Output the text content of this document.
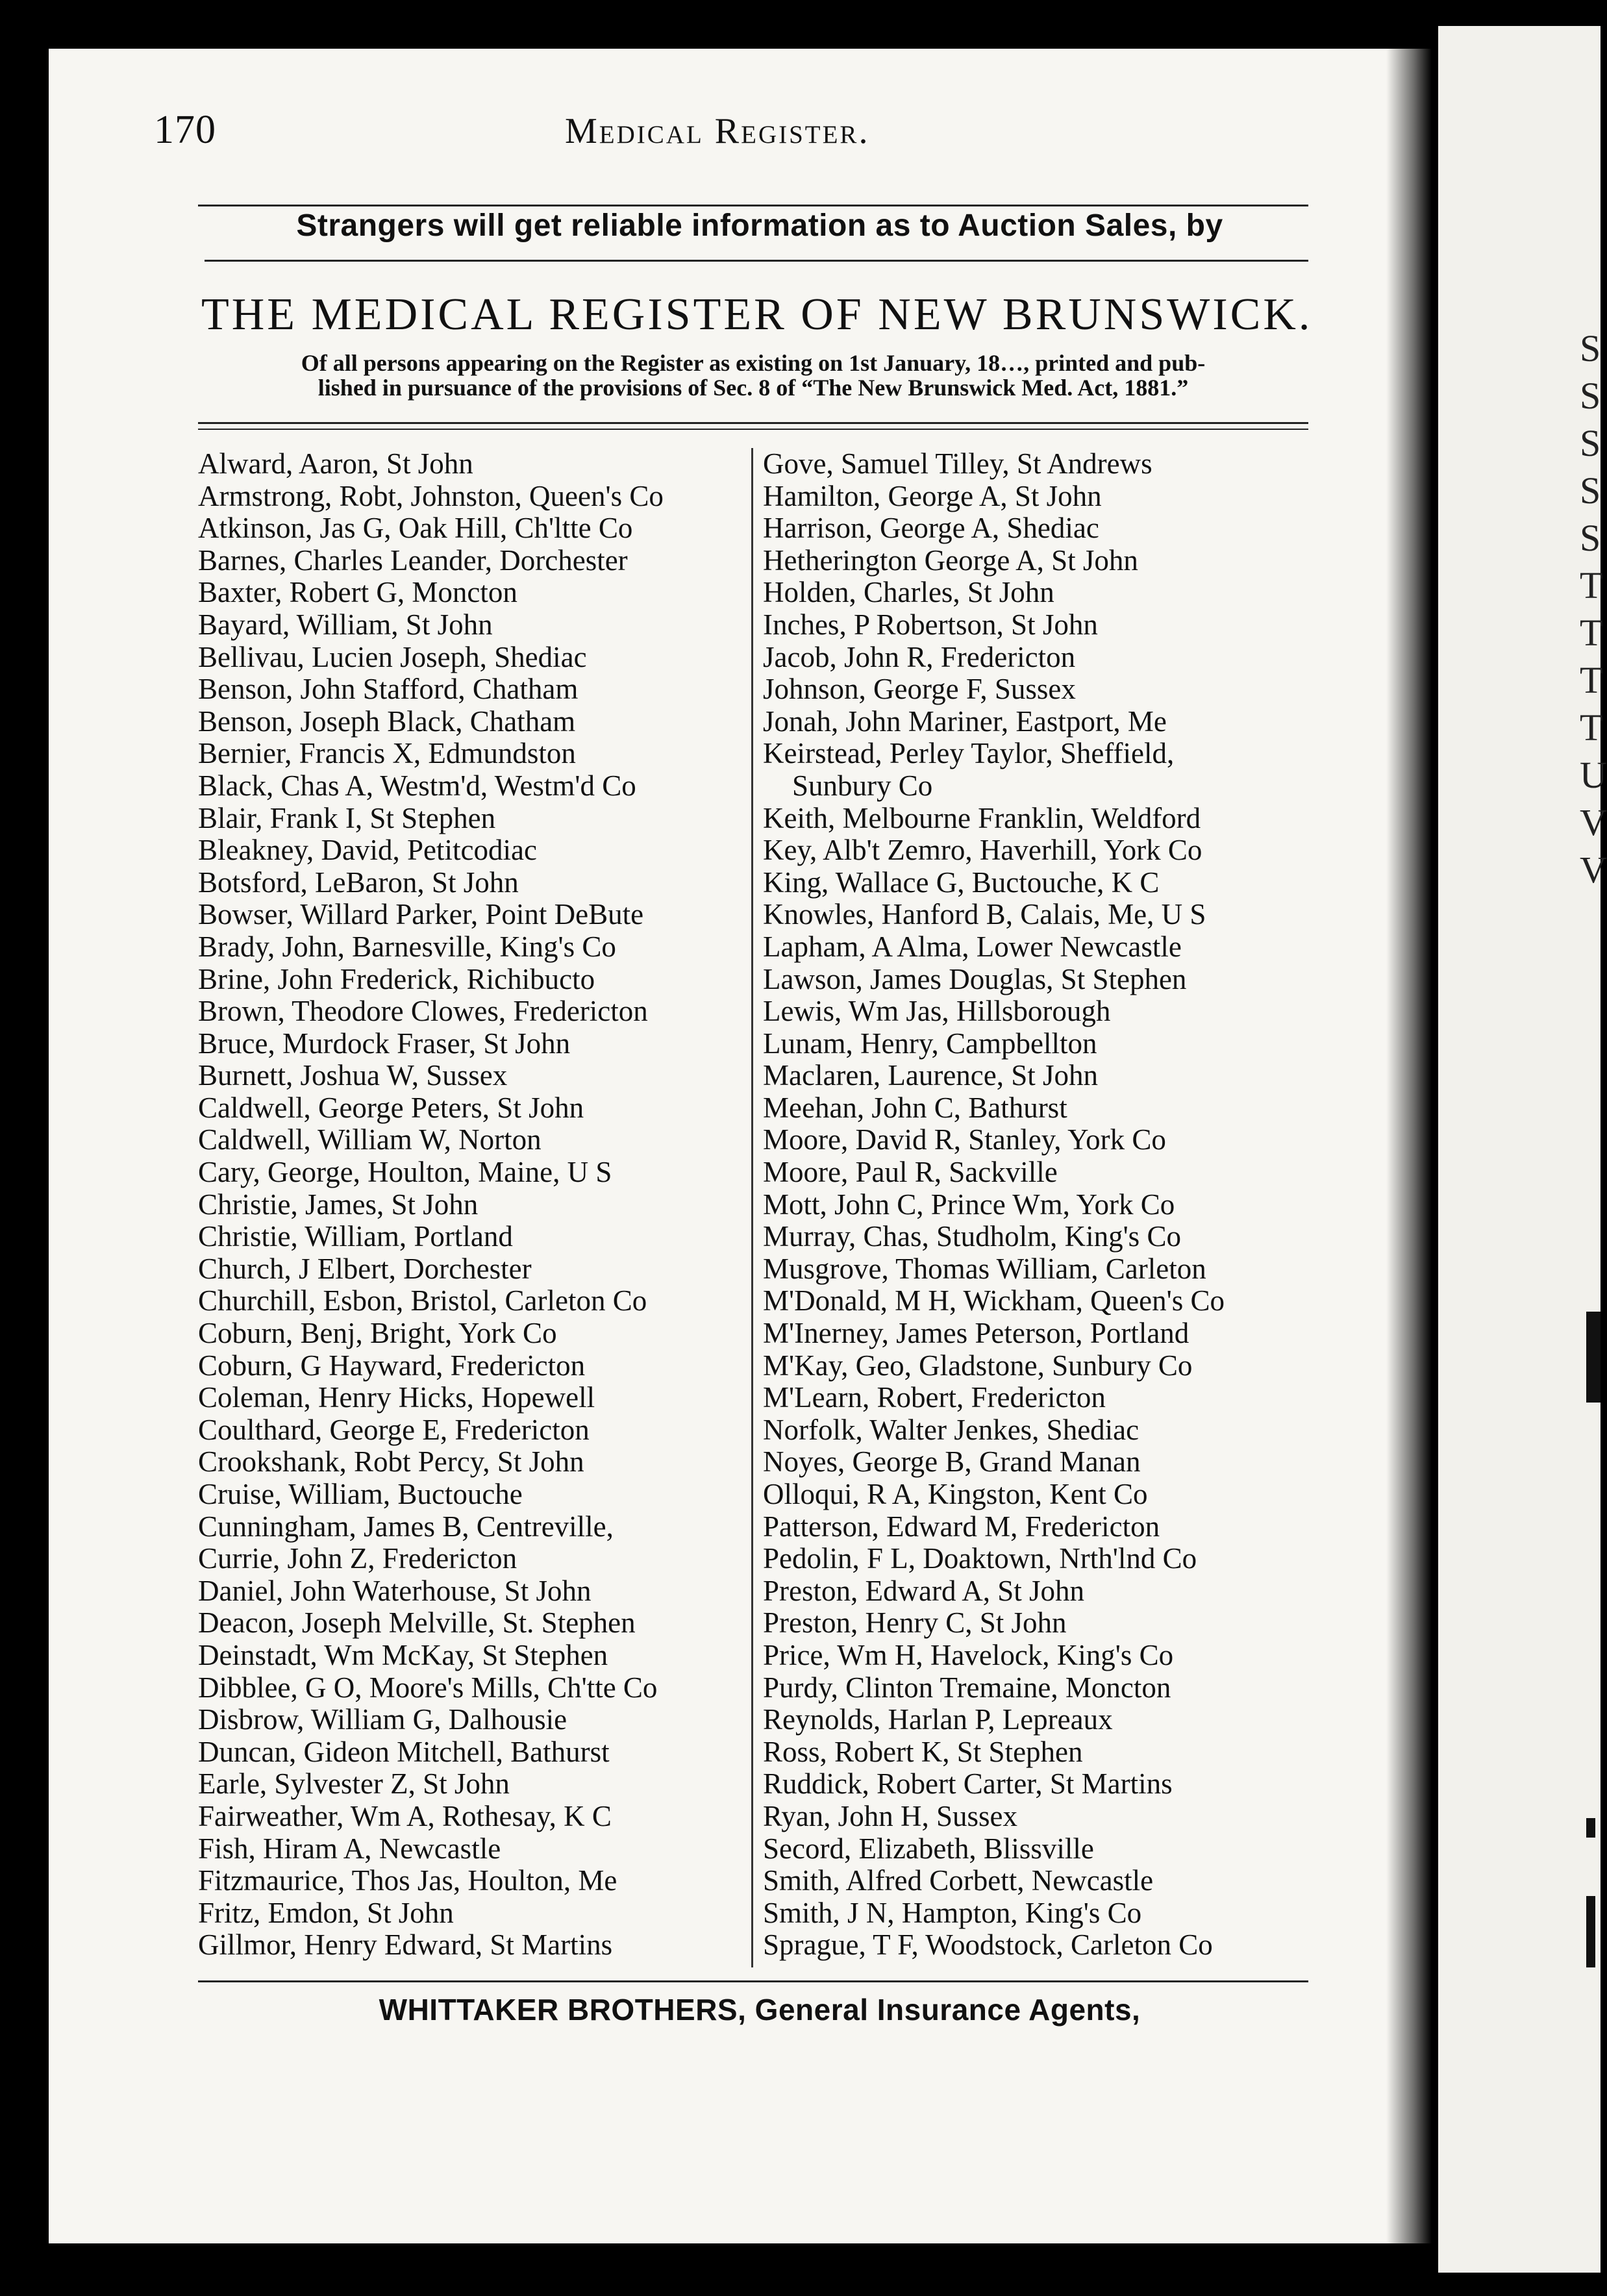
S
S
S
S
S
T
T
T
T
U
V
V
170	Medical Register.
Strangers will get reliable information as to Auction Sales, by
THE MEDICAL REGISTER OF NEW BRUNSWICK.
Of all persons appearing on the Register as existing on 1st January, 18…, printed and pub-
lished in pursuance of the provisions of Sec. 8 of “The New Brunswick Med. Act, 1881.”
Alward, Aaron, St John
Armstrong, Robt, Johnston, Queen's Co
Atkinson, Jas G, Oak Hill, Ch'ltte Co
Barnes, Charles Leander, Dorchester
Baxter, Robert G, Moncton
Bayard, William, St John
Bellivau, Lucien Joseph, Shediac
Benson, John Stafford, Chatham
Benson, Joseph Black, Chatham
Bernier, Francis X, Edmundston
Black, Chas A, Westm'd, Westm'd Co
Blair, Frank I, St Stephen
Bleakney, David, Petitcodiac
Botsford, LeBaron, St John
Bowser, Willard Parker, Point DeBute
Brady, John, Barnesville, King's Co
Brine, John Frederick, Richibucto
Brown, Theodore Clowes, Fredericton
Bruce, Murdock Fraser, St John
Burnett, Joshua W, Sussex
Caldwell, George Peters, St John
Caldwell, William W, Norton
Cary, George, Houlton, Maine, U S
Christie, James, St John
Christie, William, Portland
Church, J Elbert, Dorchester
Churchill, Esbon, Bristol, Carleton Co
Coburn, Benj, Bright, York Co
Coburn, G Hayward, Fredericton
Coleman, Henry Hicks, Hopewell
Coulthard, George E, Fredericton
Crookshank, Robt Percy, St John
Cruise, William, Buctouche
Cunningham, James B, Centreville,
Currie, John Z, Fredericton
Daniel, John Waterhouse, St John
Deacon, Joseph Melville, St. Stephen
Deinstadt, Wm McKay, St Stephen
Dibblee, G O, Moore's Mills, Ch'tte Co
Disbrow, William G, Dalhousie
Duncan, Gideon Mitchell, Bathurst
Earle, Sylvester Z, St John
Fairweather, Wm A, Rothesay, K C
Fish, Hiram A, Newcastle
Fitzmaurice, Thos Jas, Houlton, Me
Fritz, Emdon, St John
Gillmor, Henry Edward, St Martins
Gove, Samuel Tilley, St Andrews
Hamilton, George A, St John
Harrison, George A, Shediac
Hetherington George A, St John
Holden, Charles, St John
Inches, P Robertson, St John
Jacob, John R, Fredericton
Johnson, George F, Sussex
Jonah, John Mariner, Eastport, Me
Keirstead, Perley Taylor, Sheffield,
Sunbury Co
Keith, Melbourne Franklin, Weldford
Key, Alb't Zemro, Haverhill, York Co
King, Wallace G, Buctouche, K C
Knowles, Hanford B, Calais, Me, U S
Lapham, A Alma, Lower Newcastle
Lawson, James Douglas, St Stephen
Lewis, Wm Jas, Hillsborough
Lunam, Henry, Campbellton
Maclaren, Laurence, St John
Meehan, John C, Bathurst
Moore, David R, Stanley, York Co
Moore, Paul R, Sackville
Mott, John C, Prince Wm, York Co
Murray, Chas, Studholm, King's Co
Musgrove, Thomas William, Carleton
M'Donald, M H, Wickham, Queen's Co
M'Inerney, James Peterson, Portland
M'Kay, Geo, Gladstone, Sunbury Co
M'Learn, Robert, Fredericton
Norfolk, Walter Jenkes, Shediac
Noyes, George B, Grand Manan
Olloqui, R A, Kingston, Kent Co
Patterson, Edward M, Fredericton
Pedolin, F L, Doaktown, Nrth'lnd Co
Preston, Edward A, St John
Preston, Henry C, St John
Price, Wm H, Havelock, King's Co
Purdy, Clinton Tremaine, Moncton
Reynolds, Harlan P, Lepreaux
Ross, Robert K, St Stephen
Ruddick, Robert Carter, St Martins
Ryan, John H, Sussex
Secord, Elizabeth, Blissville
Smith, Alfred Corbett, Newcastle
Smith, J N, Hampton, King's Co
Sprague, T F, Woodstock, Carleton Co
WHITTAKER BROTHERS, General Insurance Agents,
